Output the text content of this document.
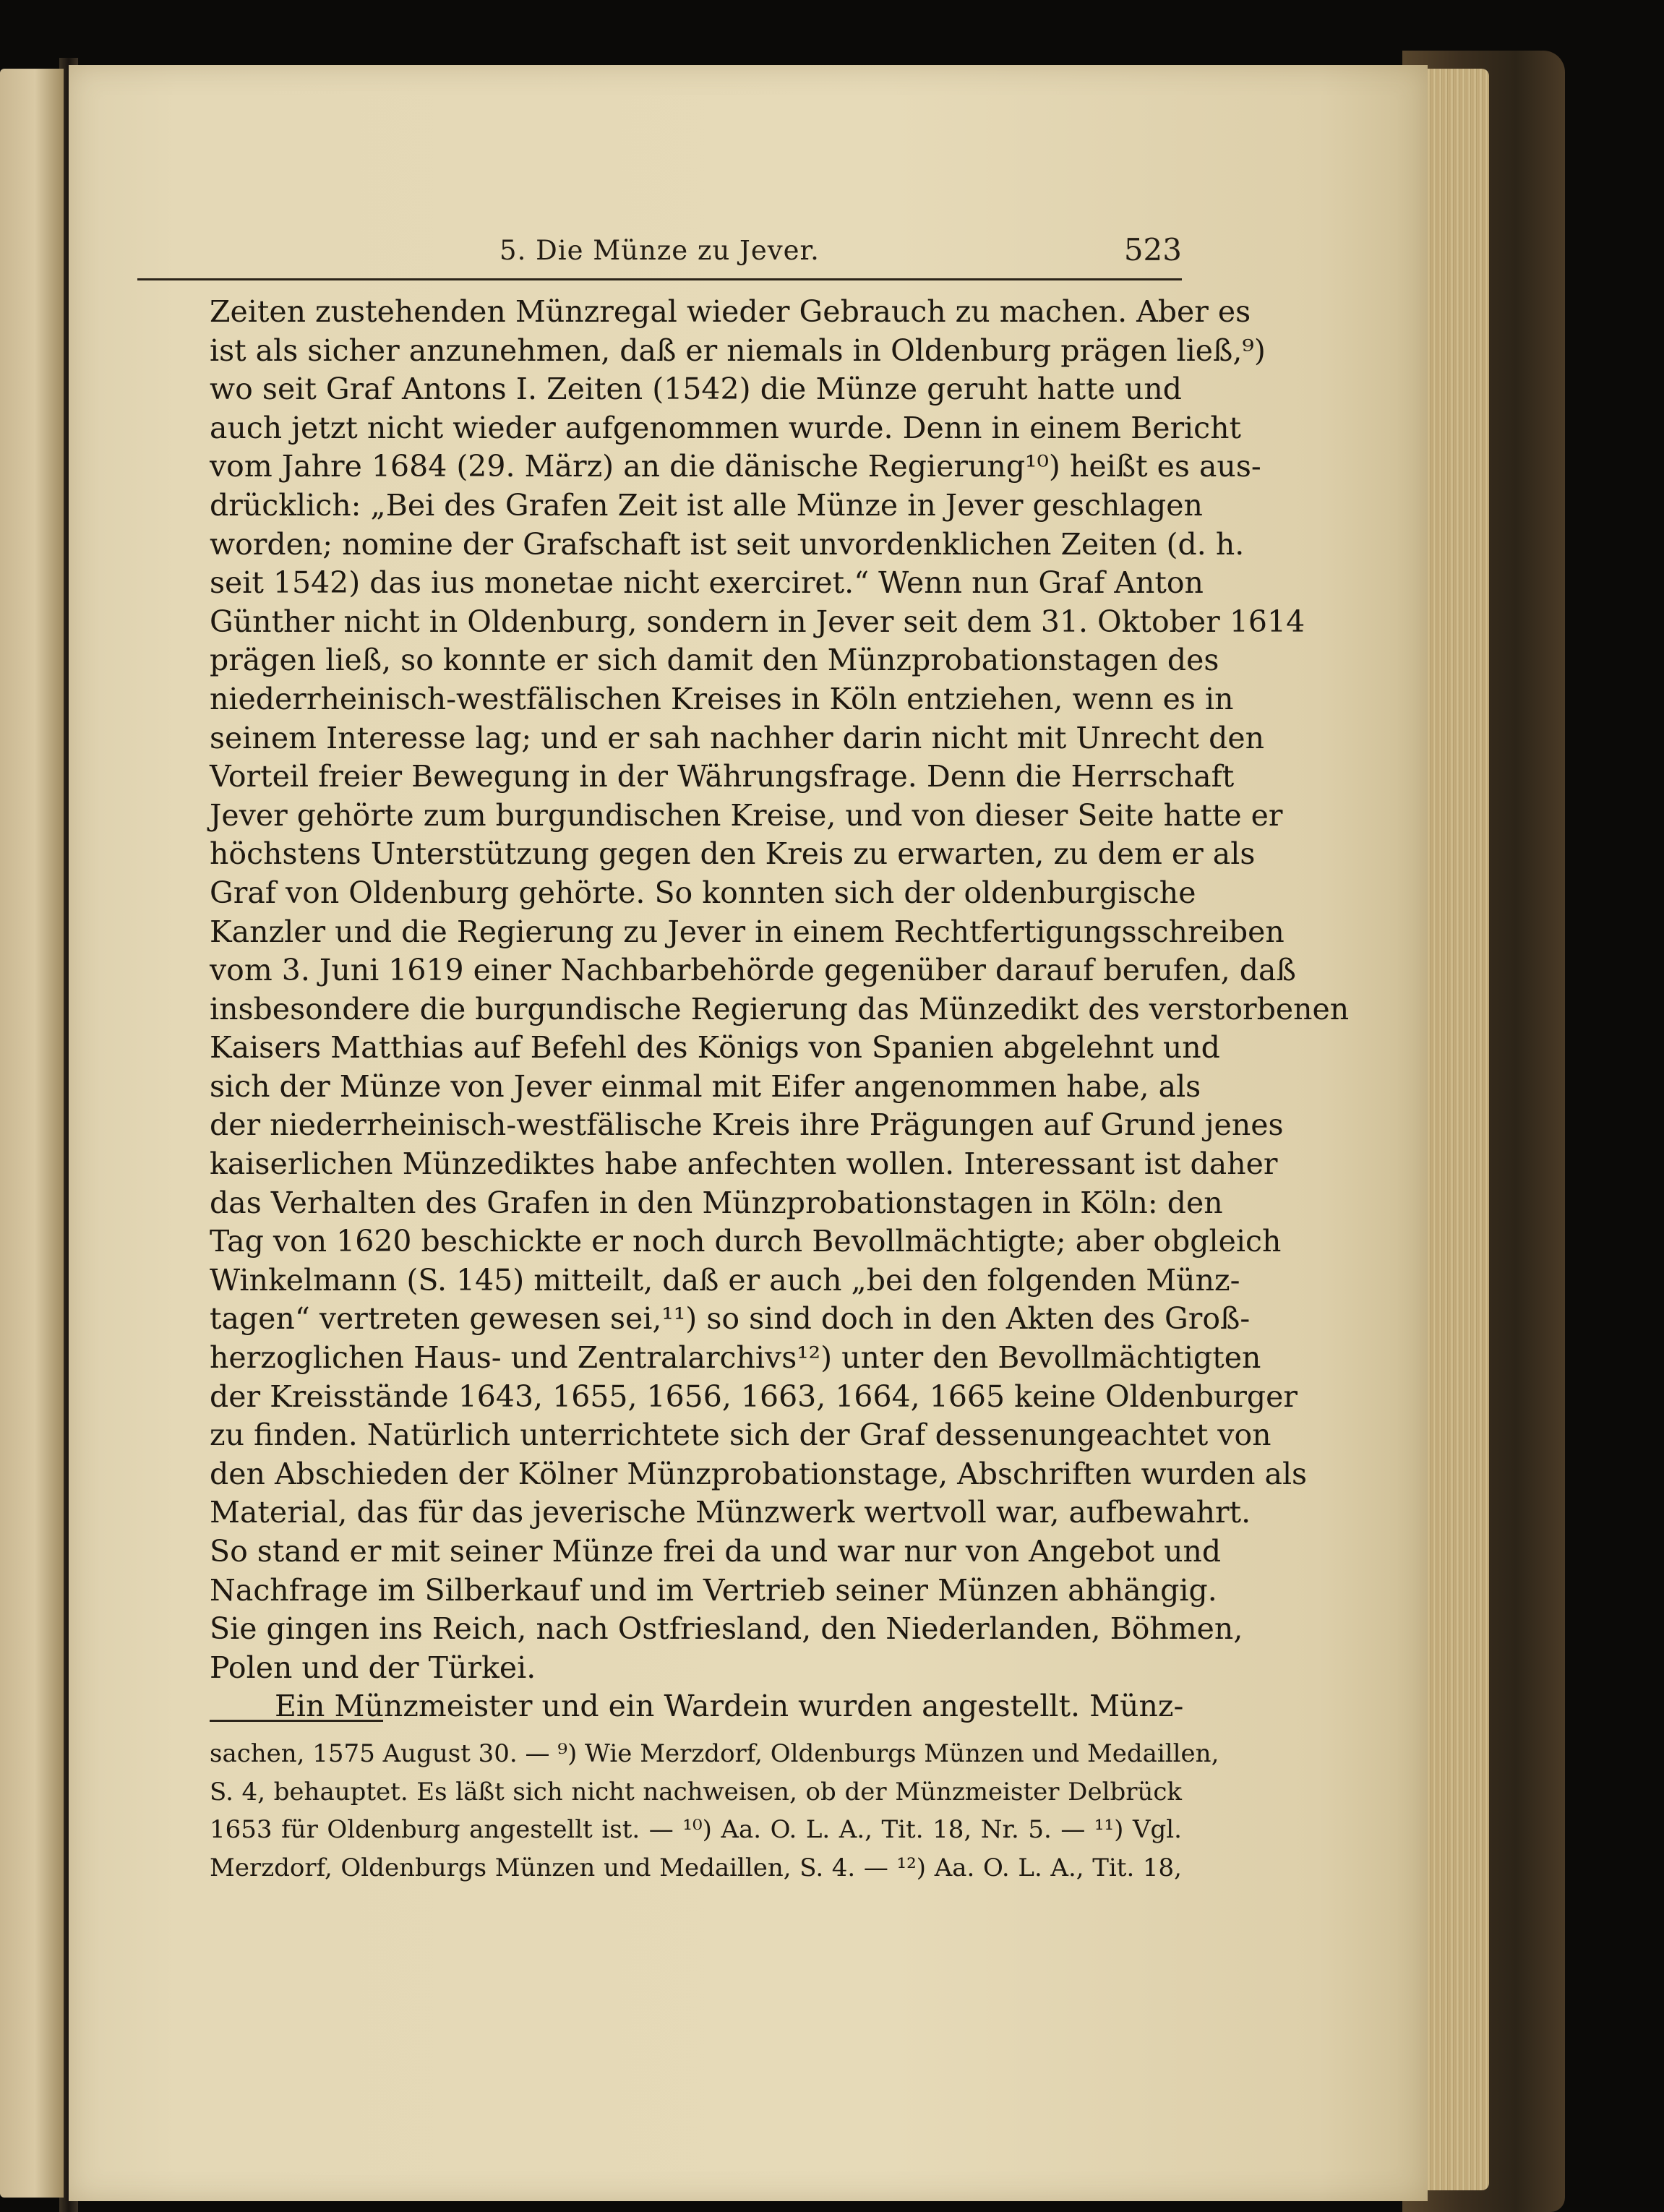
5. Die Münze zu Jever.	523
Zeiten zustehenden Münzregal wieder Gebrauch zu machen. Aber es
ist als sicher anzunehmen, daß er niemals in Oldenburg prägen ließ,⁹)
wo seit Graf Antons I. Zeiten (1542) die Münze geruht hatte und
auch jetzt nicht wieder aufgenommen wurde. Denn in einem Bericht
vom Jahre 1684 (29. März) an die dänische Regierung¹⁰) heißt es aus-
drücklich: „Bei des Grafen Zeit ist alle Münze in Jever geschlagen
worden; nomine der Grafschaft ist seit unvordenklichen Zeiten (d. h.
seit 1542) das ius monetae nicht exerciret.“ Wenn nun Graf Anton
Günther nicht in Oldenburg, sondern in Jever seit dem 31. Oktober 1614
prägen ließ, so konnte er sich damit den Münzprobationstagen des
niederrheinisch-westfälischen Kreises in Köln entziehen, wenn es in
seinem Interesse lag; und er sah nachher darin nicht mit Unrecht den
Vorteil freier Bewegung in der Währungsfrage. Denn die Herrschaft
Jever gehörte zum burgundischen Kreise, und von dieser Seite hatte er
höchstens Unterstützung gegen den Kreis zu erwarten, zu dem er als
Graf von Oldenburg gehörte. So konnten sich der oldenburgische
Kanzler und die Regierung zu Jever in einem Rechtfertigungsschreiben
vom 3. Juni 1619 einer Nachbarbehörde gegenüber darauf berufen, daß
insbesondere die burgundische Regierung das Münzedikt des verstorbenen
Kaisers Matthias auf Befehl des Königs von Spanien abgelehnt und
sich der Münze von Jever einmal mit Eifer angenommen habe, als
der niederrheinisch-westfälische Kreis ihre Prägungen auf Grund jenes
kaiserlichen Münzediktes habe anfechten wollen. Interessant ist daher
das Verhalten des Grafen in den Münzprobationstagen in Köln: den
Tag von 1620 beschickte er noch durch Bevollmächtigte; aber obgleich
Winkelmann (S. 145) mitteilt, daß er auch „bei den folgenden Münz-
tagen“ vertreten gewesen sei,¹¹) so sind doch in den Akten des Groß-
herzoglichen Haus- und Zentralarchivs¹²) unter den Bevollmächtigten
der Kreisstände 1643, 1655, 1656, 1663, 1664, 1665 keine Oldenburger
zu finden. Natürlich unterrichtete sich der Graf dessenungeachtet von
den Abschieden der Kölner Münzprobationstage, Abschriften wurden als
Material, das für das jeverische Münzwerk wertvoll war, aufbewahrt.
So stand er mit seiner Münze frei da und war nur von Angebot und
Nachfrage im Silberkauf und im Vertrieb seiner Münzen abhängig.
Sie gingen ins Reich, nach Ostfriesland, den Niederlanden, Böhmen,
Polen und der Türkei.
Ein Münzmeister und ein Wardein wurden angestellt. Münz-
sachen, 1575 August 30. — ⁹) Wie Merzdorf, Oldenburgs Münzen und Medaillen,
S. 4, behauptet. Es läßt sich nicht nachweisen, ob der Münzmeister Delbrück
1653 für Oldenburg angestellt ist. — ¹⁰) Aa. O. L. A., Tit. 18, Nr. 5. — ¹¹) Vgl.
Merzdorf, Oldenburgs Münzen und Medaillen, S. 4. — ¹²) Aa. O. L. A., Tit. 18,
